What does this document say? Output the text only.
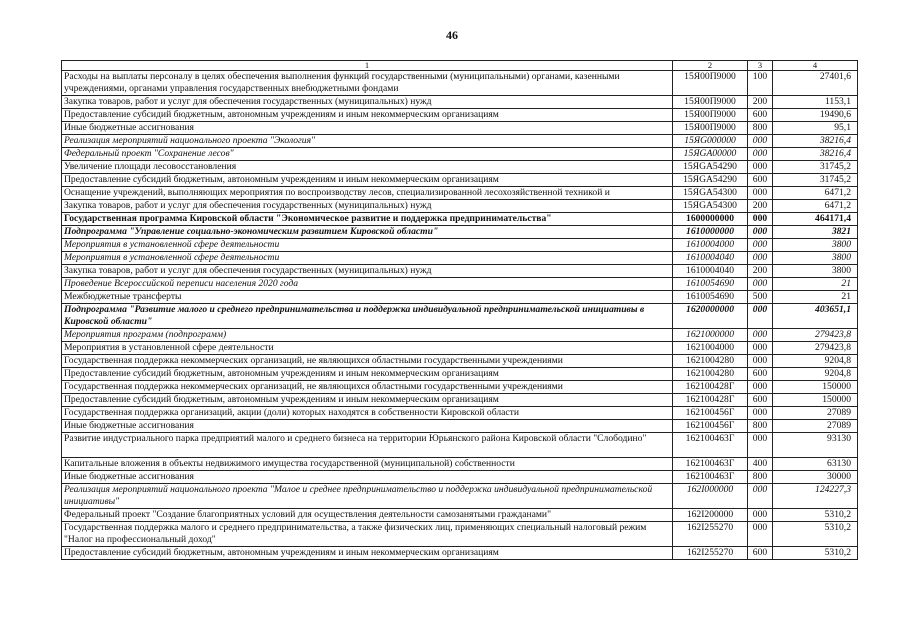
46
1	2	3	4
Расходы на выплаты персоналу в целях обеспечения выполнения функций государственными (муниципальными) органами, казенными учреждениями, органами управления государственных внебюджетными фондами	15Я00П9000	100	27401,6
Закупка товаров, работ и услуг для обеспечения государственных (муниципальных) нужд	15Я00П9000	200	1153,1
Предоставление субсидий бюджетным, автономным учреждениям и иным некоммерческим организациям	15Я00П9000	600	19490,6
Иные бюджетные ассигнования	15Я00П9000	800	95,1
Реализация мероприятий национального проекта "Экология"	15ЯG000000	000	38216,4
Федеральный проект "Сохранение лесов"	15ЯGA00000	000	38216,4
Увеличение площади лесовосстановления	15ЯGA54290	000	31745,2
Предоставление субсидий бюджетным, автономным учреждениям и иным некоммерческим организациям	15ЯGA54290	600	31745,2
Оснащение учреждений, выполняющих мероприятия по воспроизводству лесов, специализированной лесохозяйственной техникой и	15ЯGA54300	000	6471,2
Закупка товаров, работ и услуг для обеспечения государственных (муниципальных) нужд	15ЯGA54300	200	6471,2
Государственная программа Кировской области "Экономическое развитие и поддержка предпринимательства"	1600000000	000	464171,4
Подпрограмма "Управление социально-экономическим развитием Кировской области"	1610000000	000	3821
Мероприятия в установленной сфере деятельности	1610004000	000	3800
Мероприятия в установленной сфере деятельности	1610004040	000	3800
Закупка товаров, работ и услуг для обеспечения государственных (муниципальных) нужд	1610004040	200	3800
Проведение Всероссийской переписи населения 2020 года	1610054690	000	21
Межбюджетные трансферты	1610054690	500	21
Подпрограмма "Развитие малого и среднего предпринимательства и поддержка индивидуальной предпринимательской инициативы в Кировской области"	1620000000	000	403651,1
Мероприятия программ (подпрограмм)	1621000000	000	279423,8
Мероприятия в установленной сфере деятельности	1621004000	000	279423,8
Государственная поддержка некоммерческих организаций, не являющихся областными государственными учреждениями	1621004280	000	9204,8
Предоставление субсидий бюджетным, автономным учреждениям и иным некоммерческим организациям	1621004280	600	9204,8
Государственная поддержка некоммерческих организаций, не являющихся областными государственными учреждениями	162100428Г	000	150000
Предоставление субсидий бюджетным, автономным учреждениям и иным некоммерческим организациям	162100428Г	600	150000
Государственная поддержка организаций, акции (доли) которых находятся в собственности Кировской области	162100456Г	000	27089
Иные бюджетные ассигнования	162100456Г	800	27089
Развитие индустриального парка предприятий малого и среднего бизнеса на территории Юрьянского района Кировской области "Слободино"	162100463Г	000	93130
Капитальные вложения в объекты недвижимого имущества государственной (муниципальной) собственности	162100463Г	400	63130
Иные бюджетные ассигнования	162100463Г	800	30000
Реализация мероприятий национального проекта "Малое и среднее предпринимательство и поддержка индивидуальной предпринимательской инициативы"	162I000000	000	124227,3
Федеральный проект "Создание благоприятных условий для осуществления деятельности самозанятыми гражданами"	162I200000	000	5310,2
Государственная поддержка малого и среднего предпринимательства, а также физических лиц, применяющих специальный налоговый режим "Налог на профессиональный доход"	162I255270	000	5310,2
Предоставление субсидий бюджетным, автономным учреждениям и иным некоммерческим организациям	162I255270	600	5310,2
